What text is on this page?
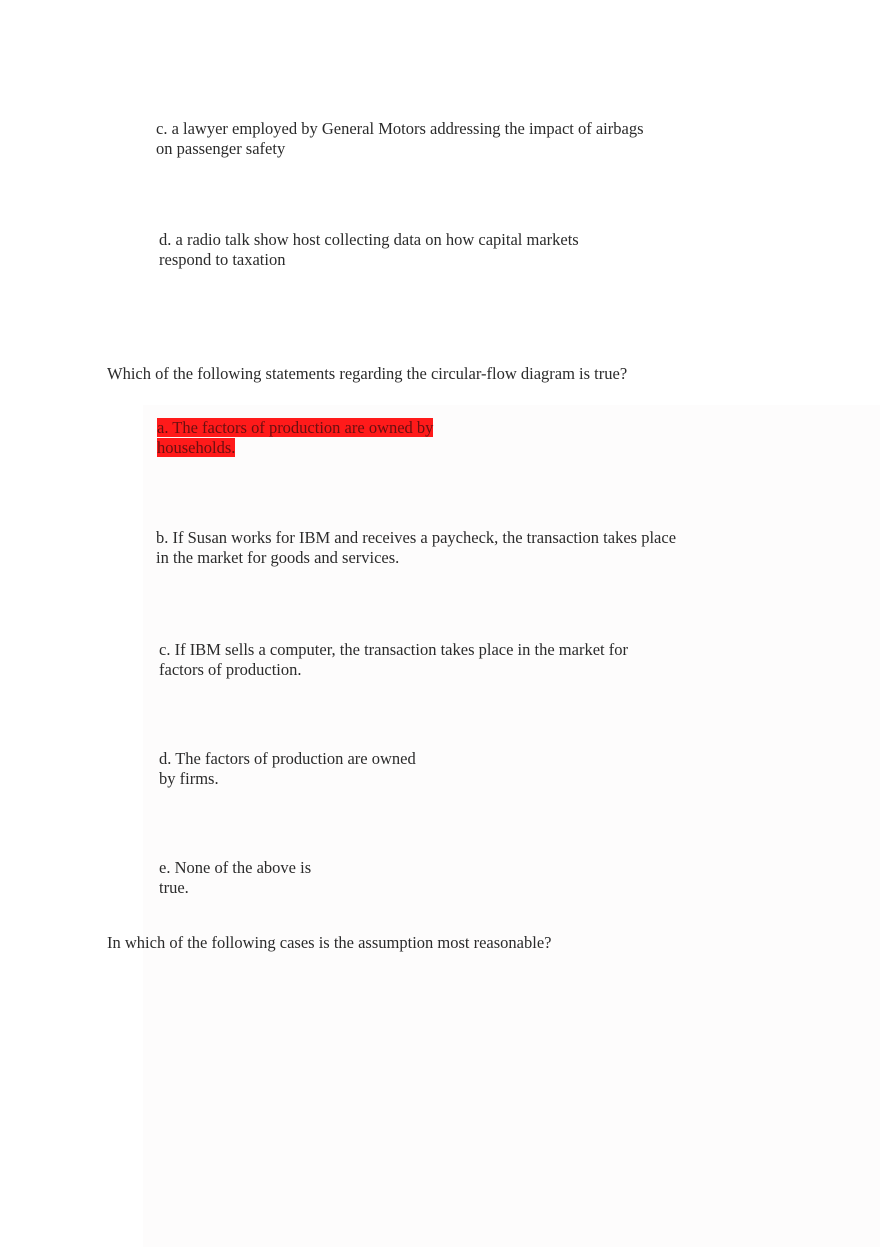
c. a lawyer employed by General Motors addressing the impact of airbags
on passenger safety
d. a radio talk show host collecting data on how capital markets
respond to taxation
Which of the following statements regarding the circular-flow diagram is true?
a. The factors of production are owned by
households.
b. If Susan works for IBM and receives a paycheck, the transaction takes place
in the market for goods and services.
c. If IBM sells a computer, the transaction takes place in the market for
factors of production.
d. The factors of production are owned
by firms.
e. None of the above is
true.
In which of the following cases is the assumption most reasonable?
